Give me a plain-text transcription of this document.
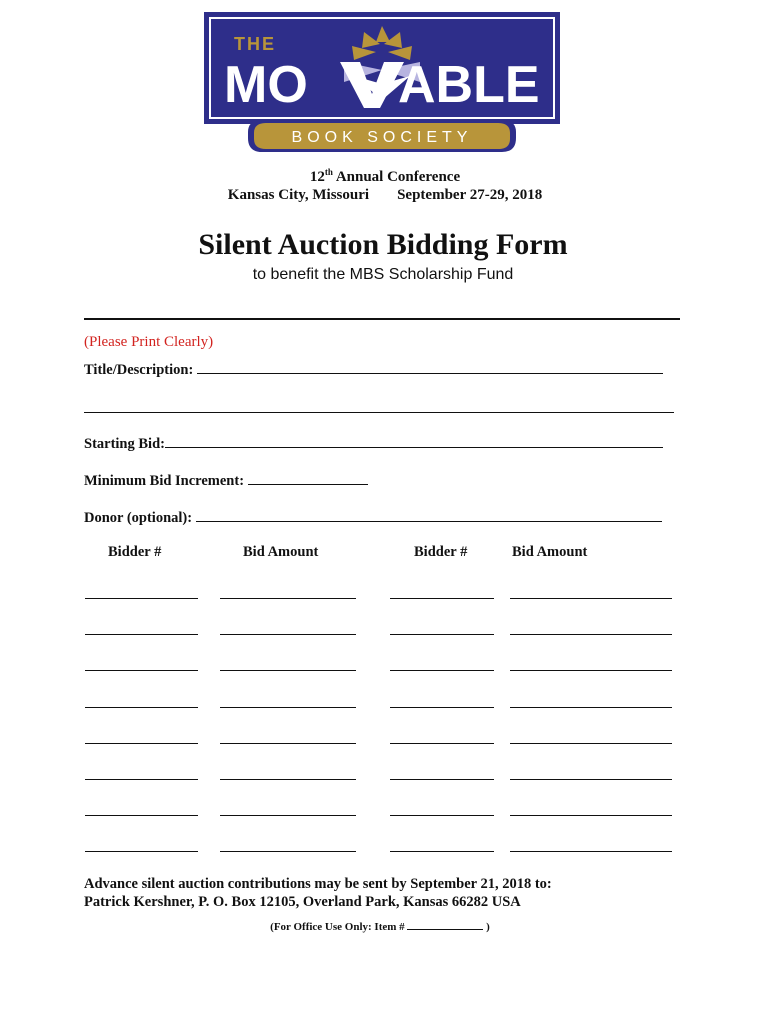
THE
MO ABLE
BOOK SOCIETY
12th Annual Conference
Kansas City, Missouri September 27-29, 2018
Silent Auction Bidding Form
to benefit the MBS Scholarship Fund
(Please Print Clearly)
Title/Description:
Starting Bid:
Minimum Bid Increment:
Donor (optional):
Bidder #	Bid Amount	Bidder #	Bid Amount
Advance silent auction contributions may be sent by September 21, 2018 to:
Patrick Kershner, P. O. Box 12105, Overland Park, Kansas 66282 USA
(For Office Use Only: Item #	)
